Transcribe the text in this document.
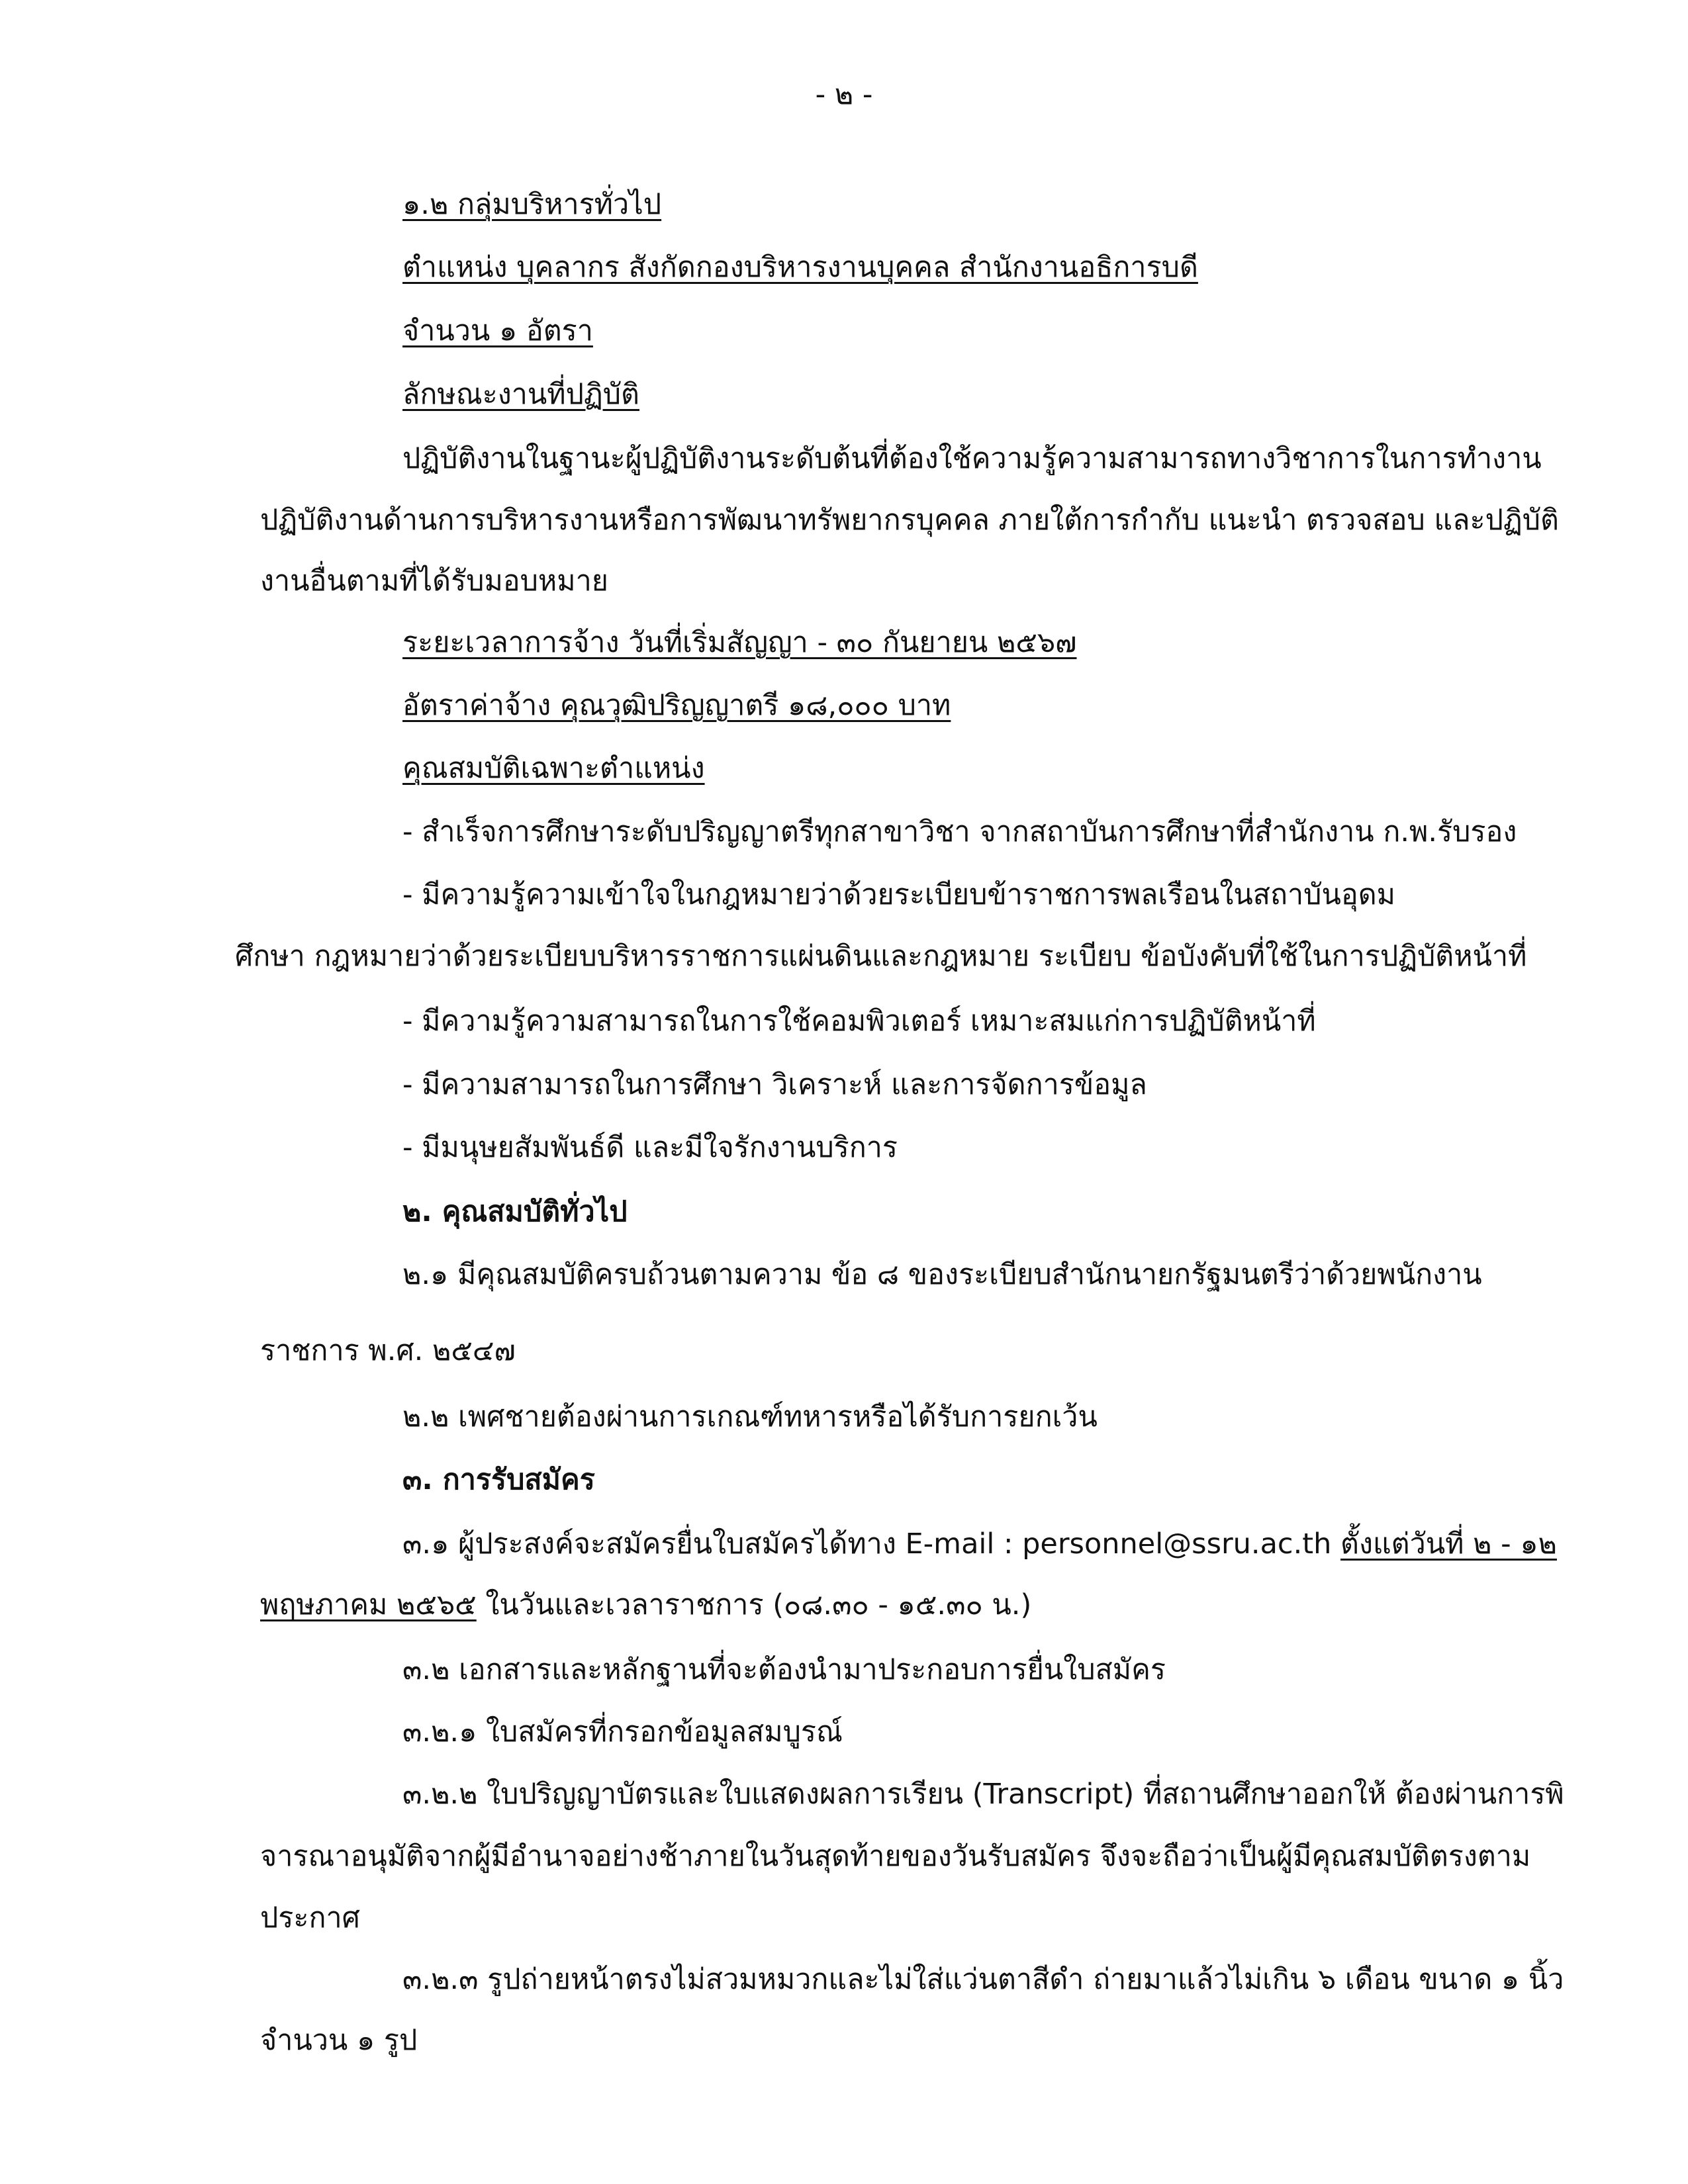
- ๒ -
๑.๒ กลุ่มบริหารทั่วไป
ตำแหน่ง บุคลากร สังกัดกองบริหารงานบุคคล สำนักงานอธิการบดี
จำนวน ๑ อัตรา
ลักษณะงานที่ปฏิบัติ
ปฏิบัติงานในฐานะผู้ปฏิบัติงานระดับต้นที่ต้องใช้ความรู้ความสามารถทางวิชาการในการทำงาน
ปฏิบัติงานด้านการบริหารงานหรือการพัฒนาทรัพยากรบุคคล ภายใต้การกำกับ แนะนำ ตรวจสอบ และปฏิบัติ
งานอื่นตามที่ได้รับมอบหมาย
ระยะเวลาการจ้าง วันที่เริ่มสัญญา - ๓๐ กันยายน ๒๕๖๗
อัตราค่าจ้าง คุณวุฒิปริญญาตรี ๑๘,๐๐๐ บาท
คุณสมบัติเฉพาะตำแหน่ง
- สำเร็จการศึกษาระดับปริญญาตรีทุกสาขาวิชา จากสถาบันการศึกษาที่สำนักงาน ก.พ.รับรอง
- มีความรู้ความเข้าใจในกฎหมายว่าด้วยระเบียบข้าราชการพลเรือนในสถาบันอุดม
ศึกษา กฎหมายว่าด้วยระเบียบบริหารราชการแผ่นดินและกฎหมาย ระเบียบ ข้อบังคับที่ใช้ในการปฏิบัติหน้าที่
- มีความรู้ความสามารถในการใช้คอมพิวเตอร์ เหมาะสมแก่การปฏิบัติหน้าที่
- มีความสามารถในการศึกษา วิเคราะห์ และการจัดการข้อมูล
- มีมนุษยสัมพันธ์ดี และมีใจรักงานบริการ
๒. คุณสมบัติทั่วไป
๒.๑ มีคุณสมบัติครบถ้วนตามความ ข้อ ๘ ของระเบียบสำนักนายกรัฐมนตรีว่าด้วยพนักงาน
ราชการ พ.ศ. ๒๕๔๗
๒.๒ เพศชายต้องผ่านการเกณฑ์ทหารหรือได้รับการยกเว้น
๓. การรับสมัคร
๓.๑ ผู้ประสงค์จะสมัครยื่นใบสมัครได้ทาง E-mail : personnel@ssru.ac.th ตั้งแต่วันที่ ๒ - ๑๒
พฤษภาคม ๒๕๖๕ ในวันและเวลาราชการ (๐๘.๓๐ - ๑๕.๓๐ น.)
๓.๒ เอกสารและหลักฐานที่จะต้องนำมาประกอบการยื่นใบสมัคร
๓.๒.๑ ใบสมัครที่กรอกข้อมูลสมบูรณ์
๓.๒.๒ ใบปริญญาบัตรและใบแสดงผลการเรียน (Transcript) ที่สถานศึกษาออกให้ ต้องผ่านการพิ
จารณาอนุมัติจากผู้มีอำนาจอย่างช้าภายในวันสุดท้ายของวันรับสมัคร จึงจะถือว่าเป็นผู้มีคุณสมบัติตรงตาม
ประกาศ
๓.๒.๓ รูปถ่ายหน้าตรงไม่สวมหมวกและไม่ใส่แว่นตาสีดำ ถ่ายมาแล้วไม่เกิน ๖ เดือน ขนาด ๑ นิ้ว
จำนวน ๑ รูป
